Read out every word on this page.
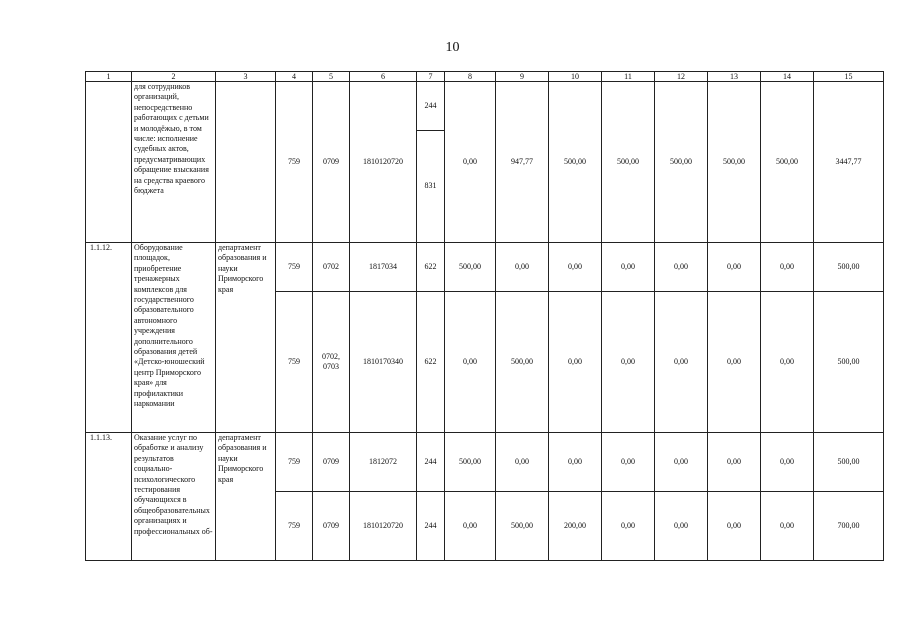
10
1	2	3	4	5	6	7	8	9	10	11	12	13	14	15
	для сотрудников организаций, непосредственно работающих с детьми и молодёжью, в том числе: исполнение судебных актов, предусматривающих обращение взыскания на средства краевого бюджета		759	0709	1810120720	244	0,00	947,77	500,00	500,00	500,00	500,00	500,00	3447,77
						831								
1.1.12.	Оборудование площадок, приобретение тренажерных комплексов для государственного образовательного автономного учреждения дополнительного образования детей «Детско-юношеский центр Приморского края» для профилактики наркомании	департамент образования и науки Приморского края	759	0702	1817034	622	500,00	0,00	0,00	0,00	0,00	0,00	0,00	500,00
			759	0702, 0703	1810170340	622	0,00	500,00	0,00	0,00	0,00	0,00	0,00	500,00
1.1.13.	Оказание услуг по обработке и анализу результатов социально-психологического тестирования обучающихся в общеобразовательных организациях и профессиональных об-	департамент образования и науки Приморского края	759	0709	1812072	244	500,00	0,00	0,00	0,00	0,00	0,00	0,00	500,00
			759	0709	1810120720	244	0,00	500,00	200,00	0,00	0,00	0,00	0,00	700,00
